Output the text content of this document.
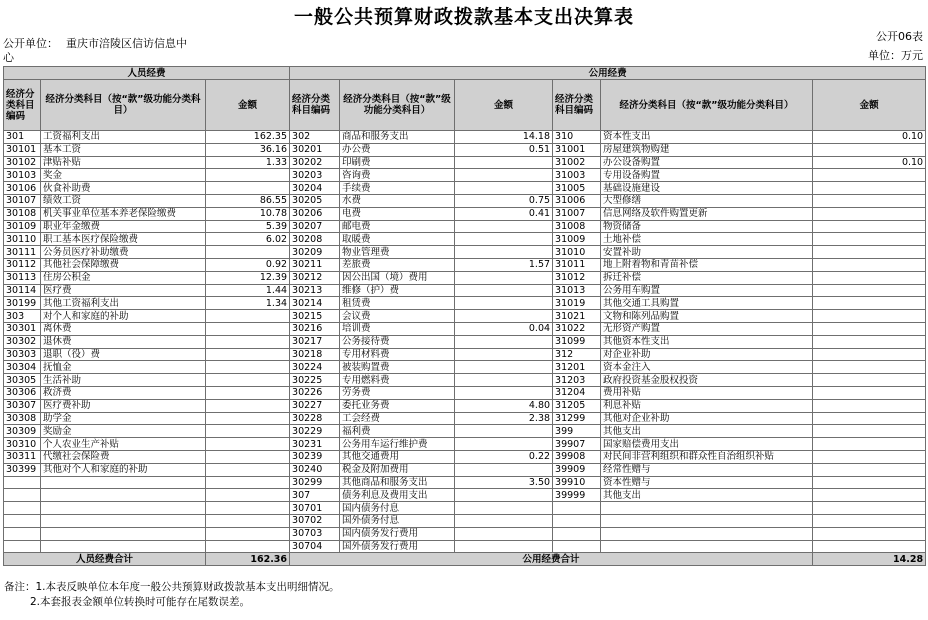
一般公共预算财政拨款基本支出决算表
公开单位： 重庆市涪陵区信访信息中
心
公开06表
单位：万元
人员经费			公用经费					
经济分类科目编码	经济分类科目（按“款”级功能分类科目）	金额	经济分类科目编码	经济分类科目（按“款”级功能分类科目）	金额	经济分类科目编码	经济分类科目（按“款”级功能分类科目）	金额
301	工资福利支出	162.35	302	商品和服务支出	14.18	310	资本性支出	0.10
30101	基本工资	36.16	30201	办公费	0.51	31001	房屋建筑物购建	
30102	津贴补贴	1.33	30202	印刷费		31002	办公设备购置	0.10
30103	奖金		30203	咨询费		31003	专用设备购置	
30106	伙食补助费		30204	手续费		31005	基础设施建设	
30107	绩效工资	86.55	30205	水费	0.75	31006	大型修缮	
30108	机关事业单位基本养老保险缴费	10.78	30206	电费	0.41	31007	信息网络及软件购置更新	
30109	职业年金缴费	5.39	30207	邮电费		31008	物资储备	
30110	职工基本医疗保险缴费	6.02	30208	取暖费		31009	土地补偿	
30111	公务员医疗补助缴费		30209	物业管理费		31010	安置补助	
30112	其他社会保障缴费	0.92	30211	差旅费	1.57	31011	地上附着物和青苗补偿	
30113	住房公积金	12.39	30212	因公出国（境）费用		31012	拆迁补偿	
30114	医疗费	1.44	30213	维修（护）费		31013	公务用车购置	
30199	其他工资福利支出	1.34	30214	租赁费		31019	其他交通工具购置	
303	对个人和家庭的补助		30215	会议费		31021	文物和陈列品购置	
30301	离休费		30216	培训费	0.04	31022	无形资产购置	
30302	退休费		30217	公务接待费		31099	其他资本性支出	
30303	退职（役）费		30218	专用材料费		312	对企业补助	
30304	抚恤金		30224	被装购置费		31201	资本金注入	
30305	生活补助		30225	专用燃料费		31203	政府投资基金股权投资	
30306	救济费		30226	劳务费		31204	费用补贴	
30307	医疗费补助		30227	委托业务费	4.80	31205	利息补贴	
30308	助学金		30228	工会经费	2.38	31299	其他对企业补助	
30309	奖励金		30229	福利费		399	其他支出	
30310	个人农业生产补贴		30231	公务用车运行维护费		39907	国家赔偿费用支出	
30311	代缴社会保险费		30239	其他交通费用	0.22	39908	对民间非营利组织和群众性自治组织补贴	
30399	其他对个人和家庭的补助		30240	税金及附加费用		39909	经常性赠与	
			30299	其他商品和服务支出	3.50	39910	资本性赠与	
			307	债务利息及费用支出		39999	其他支出	
			30701	国内债务付息				
			30702	国外债务付息				
			30703	国内债务发行费用				
			30704	国外债务发行费用				
人员经费合计		162.36	公用经费合计					14.28
备注：1.本表反映单位本年度一般公共预算财政拨款基本支出明细情况。
2.本套报表金额单位转换时可能存在尾数误差。
